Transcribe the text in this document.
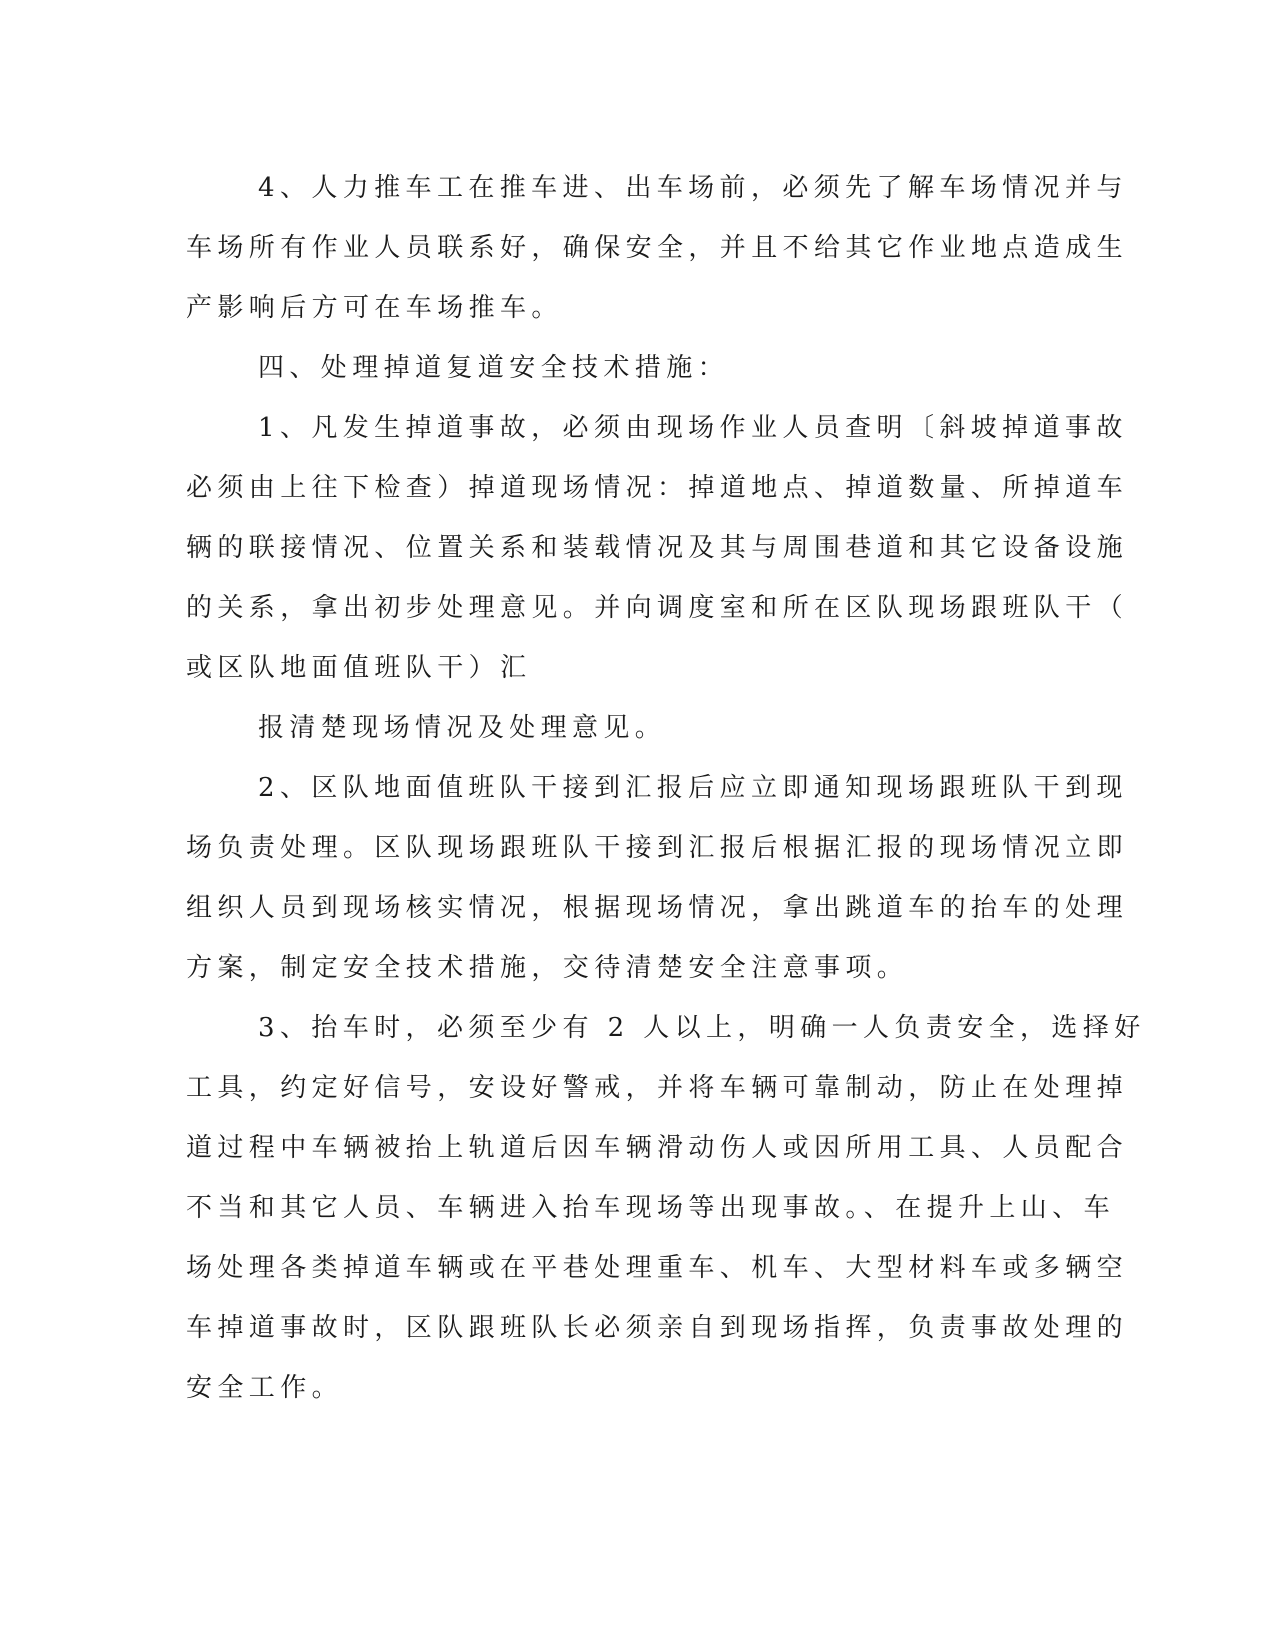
4、人力推车工在推车进、出车场前，必须先了解车场情况并与
车场所有作业人员联系好，确保安全，并且不给其它作业地点造成生
产影响后方可在车场推车。
四、处理掉道复道安全技术措施：
1、凡发生掉道事故，必须由现场作业人员查明〔斜坡掉道事故
必须由上往下检查）掉道现场情况：掉道地点、掉道数量、所掉道车
辆的联接情况、位置关系和装载情况及其与周围巷道和其它设备设施
的关系，拿出初步处理意见。并向调度室和所在区队现场跟班队干（
或区队地面值班队干）汇
报清楚现场情况及处理意见。
2、区队地面值班队干接到汇报后应立即通知现场跟班队干到现
场负责处理。区队现场跟班队干接到汇报后根据汇报的现场情况立即
组织人员到现场核实情况，根据现场情况，拿出跳道车的抬车的处理
方案，制定安全技术措施，交待清楚安全注意事项。
3、抬车时，必须至少有 2 人以上，明确一人负责安全，选择好
工具，约定好信号，安设好警戒，并将车辆可靠制动，防止在处理掉
道过程中车辆被抬上轨道后因车辆滑动伤人或因所用工具、人员配合
不当和其它人员、车辆进入抬车现场等出现事故。、在提升上山、车
场处理各类掉道车辆或在平巷处理重车、机车、大型材料车或多辆空
车掉道事故时，区队跟班队长必须亲自到现场指挥，负责事故处理的
安全工作。
